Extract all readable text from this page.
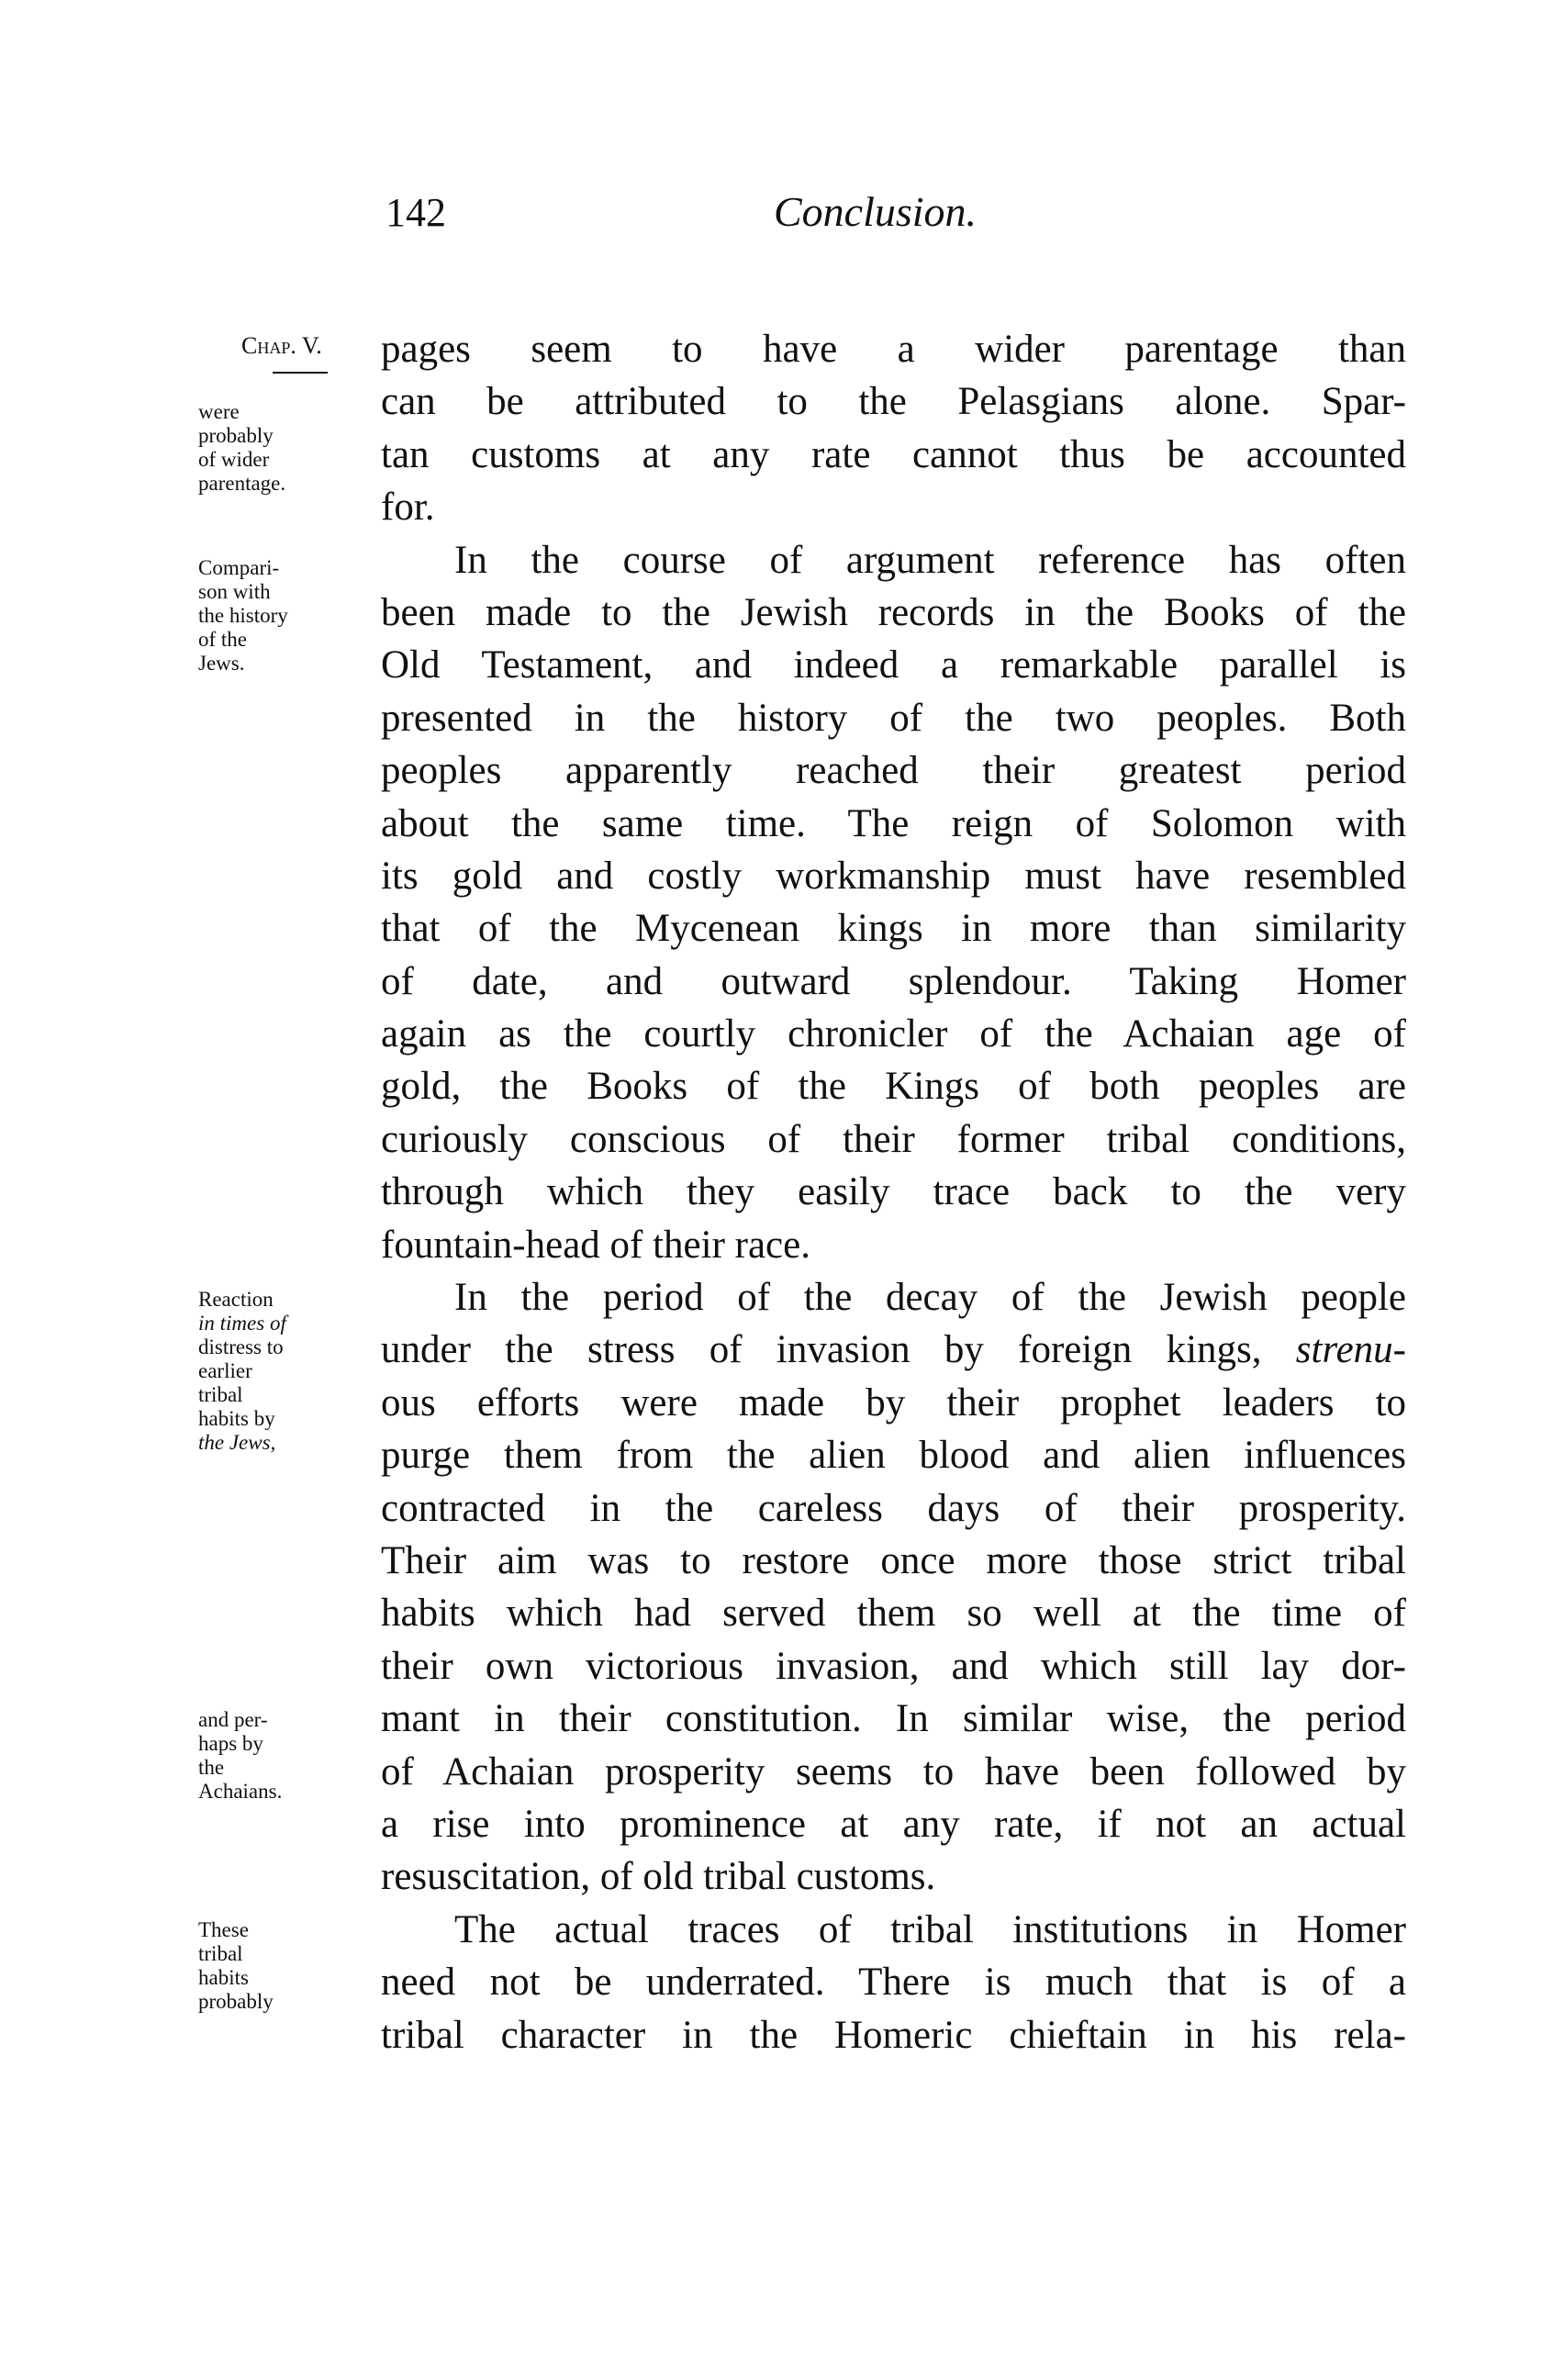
142	Conclusion.
Chap. V.
were
probably
of wider
parentage.
Compari-
son with
the history
of the
Jews.
Reaction
in times of
distress to
earlier
tribal
habits by
the Jews,
and per-
haps by
the
Achaians.
These
tribal
habits
probably
pages seem to have a wider parentage than
can be attributed to the Pelasgians alone. Spar-
tan customs at any rate cannot thus be accounted
for.
In the course of argument reference has often
been made to the Jewish records in the Books of the
Old Testament, and indeed a remarkable parallel is
presented in the history of the two peoples. Both
peoples apparently reached their greatest period
about the same time. The reign of Solomon with
its gold and costly workmanship must have resembled
that of the Mycenean kings in more than similarity
of date, and outward splendour. Taking Homer
again as the courtly chronicler of the Achaian age of
gold, the Books of the Kings of both peoples are
curiously conscious of their former tribal conditions,
through which they easily trace back to the very
fountain-head of their race.
In the period of the decay of the Jewish people
under the stress of invasion by foreign kings, strenu-
ous efforts were made by their prophet leaders to
purge them from the alien blood and alien influences
contracted in the careless days of their prosperity.
Their aim was to restore once more those strict tribal
habits which had served them so well at the time of
their own victorious invasion, and which still lay dor-
mant in their constitution. In similar wise, the period
of Achaian prosperity seems to have been followed by
a rise into prominence at any rate, if not an actual
resuscitation, of old tribal customs.
The actual traces of tribal institutions in Homer
need not be underrated. There is much that is of a
tribal character in the Homeric chieftain in his rela-
